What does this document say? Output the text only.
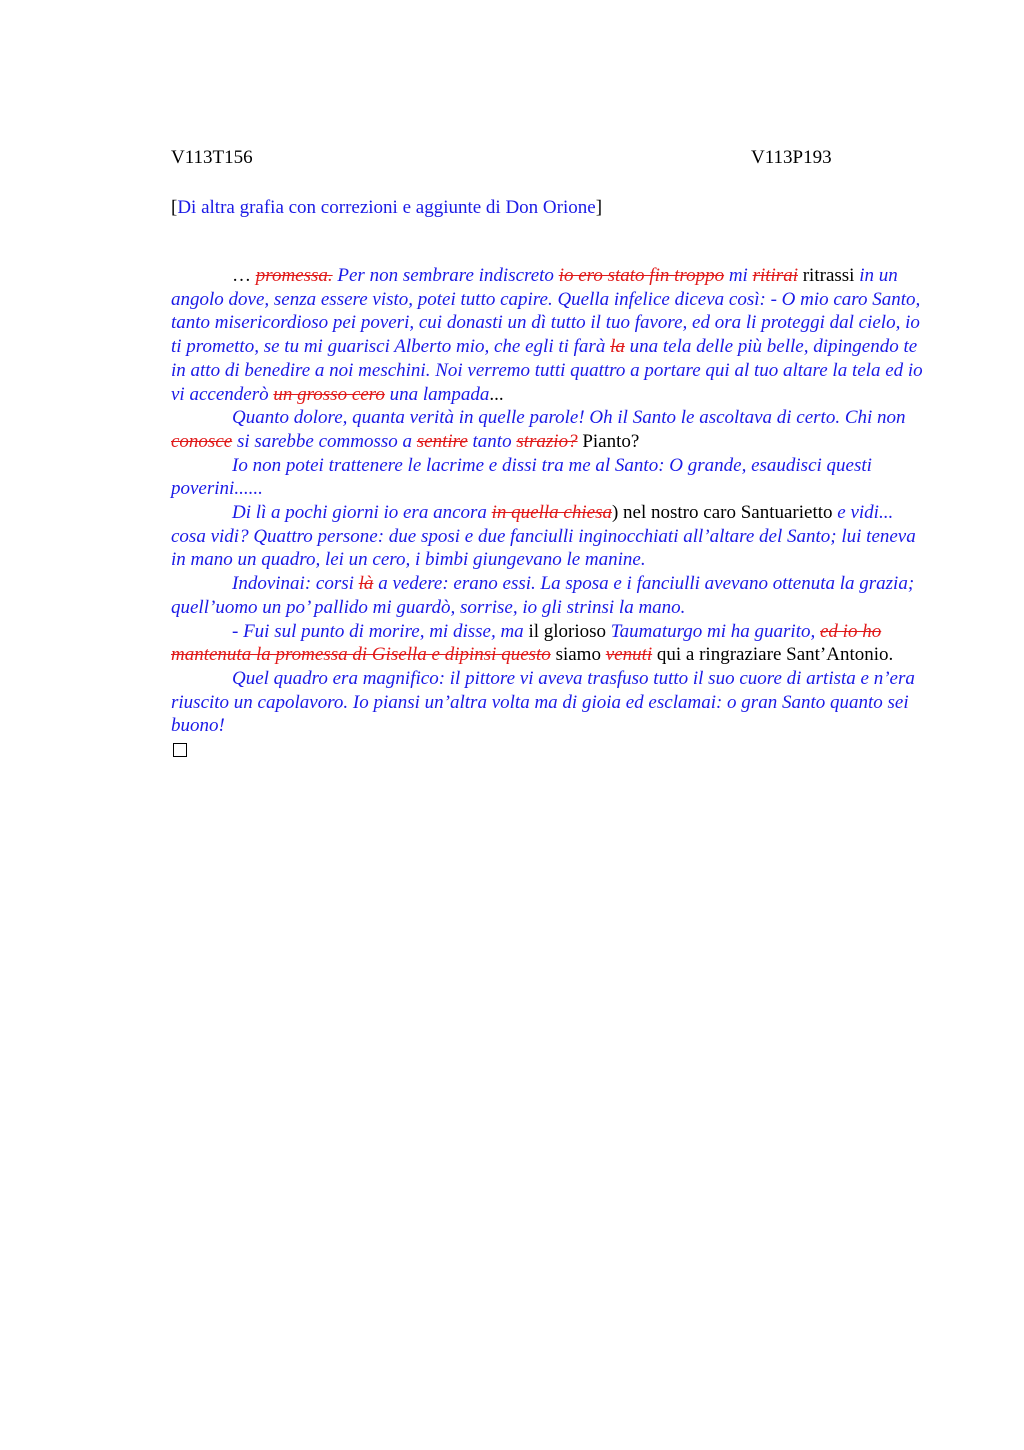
V113T156	V113P193
[Di altra grafia con correzioni e aggiunte di Don Orione]

… promessa. Per non sembrare indiscreto io ero stato fin troppo mi ritirai ritrassi in un angolo dove, senza essere visto, potei tutto capire. Quella infelice diceva così: - O mio caro Santo, tanto misericordioso pei poveri, cui donasti un dì tutto il tuo favore, ed ora li proteggi dal cielo, io ti prometto, se tu mi guarisci Alberto mio, che egli ti farà la una tela delle più belle, dipingendo te in atto di benedire a noi meschini. Noi verremo tutti quattro a portare qui al tuo altare la tela ed io vi accenderò un grosso cero una lampada...

Quanto dolore, quanta verità in quelle parole! Oh il Santo le ascoltava di certo. Chi non conosce si sarebbe commosso a sentire tanto strazio? Pianto?

Io non potei trattenere le lacrime e dissi tra me al Santo: O grande, esaudisci questi poverini......

Di lì a pochi giorni io era ancora in quella chiesa) nel nostro caro Santuarietto e vidi... cosa vidi? Quattro persone: due sposi e due fanciulli inginocchiati all’altare del Santo; lui teneva in mano un quadro, lei un cero, i bimbi giungevano le manine.

Indovinai: corsi là a vedere: erano essi. La sposa e i fanciulli avevano ottenuta la grazia; quell’uomo un po’ pallido mi guardò, sorrise, io gli strinsi la mano.

- Fui sul punto di morire, mi disse, ma il glorioso Taumaturgo mi ha guarito, ed io ho mantenuta la promessa di Gisella e dipinsi questo siamo venuti qui a ringraziare Sant’Antonio.

Quel quadro era magnifico: il pittore vi aveva trasfuso tutto il suo cuore di artista e n’era riuscito un capolavoro. Io piansi un’altra volta ma di gioia ed esclamai: o gran Santo quanto sei buono!
